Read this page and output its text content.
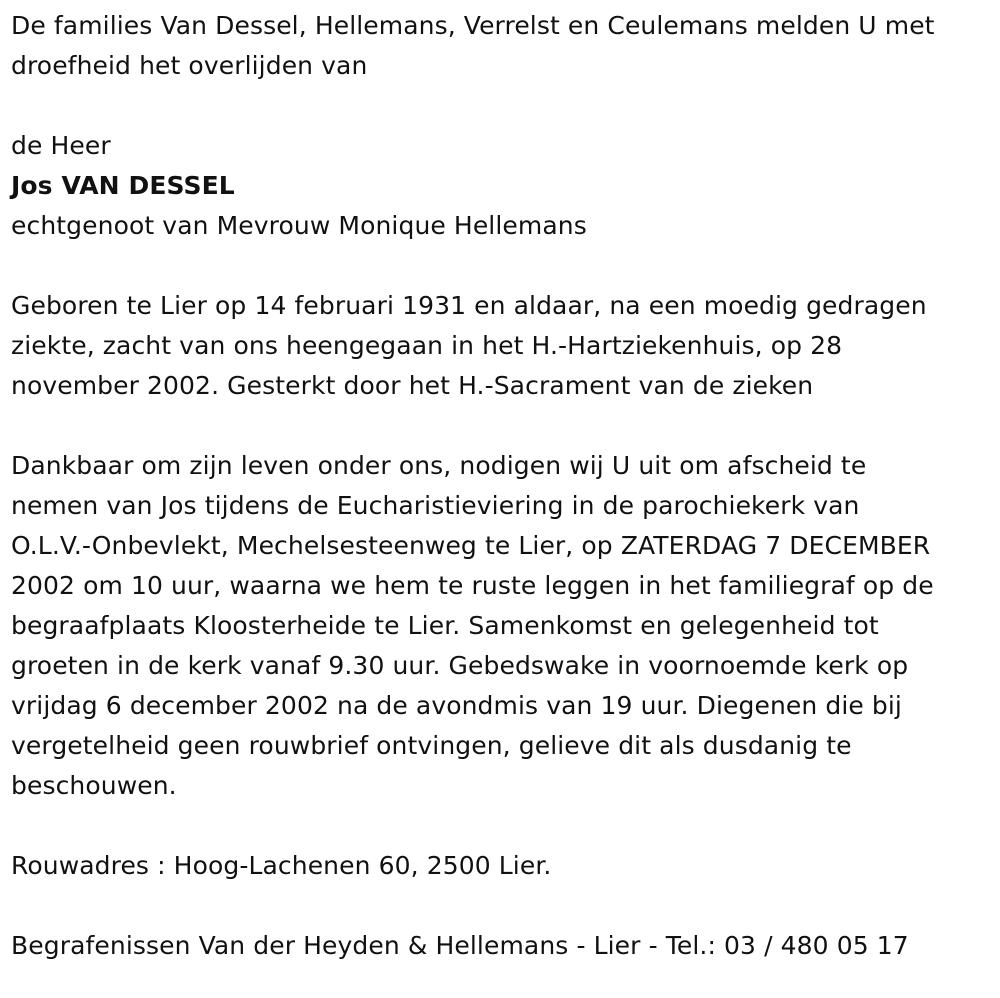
De families Van Dessel, Hellemans, Verrelst en Ceulemans melden U met

droefheid het overlijden van

de Heer

Jos VAN DESSEL

echtgenoot van Mevrouw Monique Hellemans

Geboren te Lier op 14 februari 1931 en aldaar, na een moedig gedragen

ziekte, zacht van ons heengegaan in het H.-Hartziekenhuis, op 28

november 2002. Gesterkt door het H.-Sacrament van de zieken

Dankbaar om zijn leven onder ons, nodigen wij U uit om afscheid te

nemen van Jos tijdens de Eucharistieviering in de parochiekerk van

O.L.V.-Onbevlekt, Mechelsesteenweg te Lier, op ZATERDAG 7 DECEMBER

2002 om 10 uur, waarna we hem te ruste leggen in het familiegraf op de

begraafplaats Kloosterheide te Lier. Samenkomst en gelegenheid tot

groeten in de kerk vanaf 9.30 uur. Gebedswake in voornoemde kerk op

vrijdag 6 december 2002 na de avondmis van 19 uur. Diegenen die bij

vergetelheid geen rouwbrief ontvingen, gelieve dit als dusdanig te

beschouwen.

Rouwadres : Hoog-Lachenen 60, 2500 Lier.

Begrafenissen Van der Heyden & Hellemans - Lier - Tel.: 03 / 480 05 17
